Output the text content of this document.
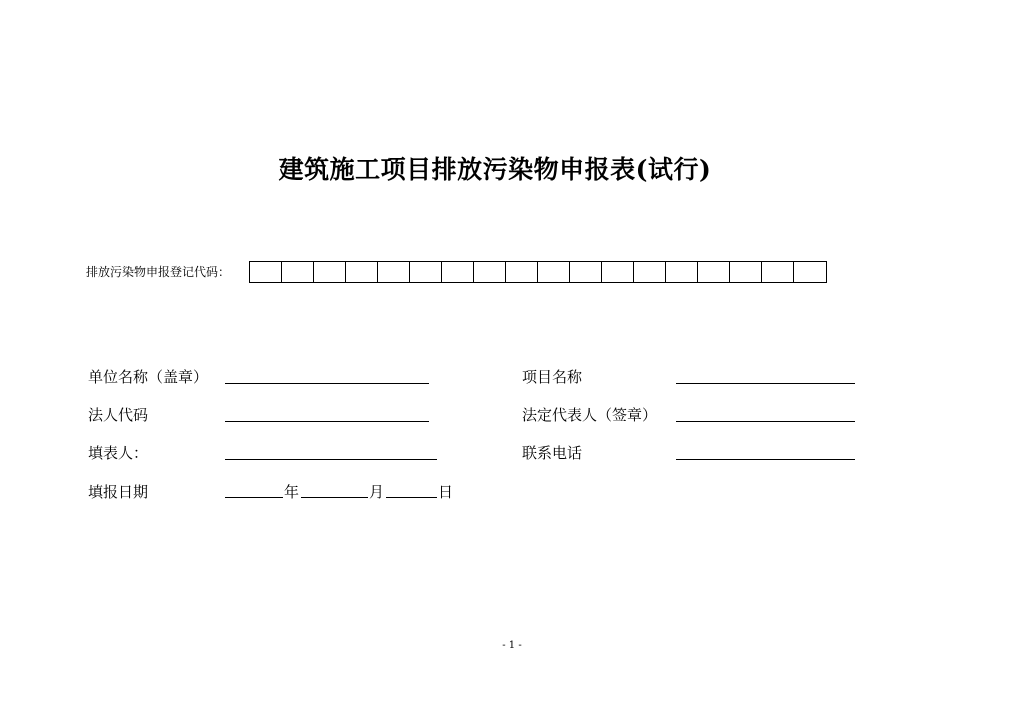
建筑施工项目排放污染物申报表(试行)
排放污染物申报登记代码：
单位名称（盖章）	项目名称
法人代码	法定代表人（签章）
填表人：	联系电话
填报日期	年	月	日
- 1 -
